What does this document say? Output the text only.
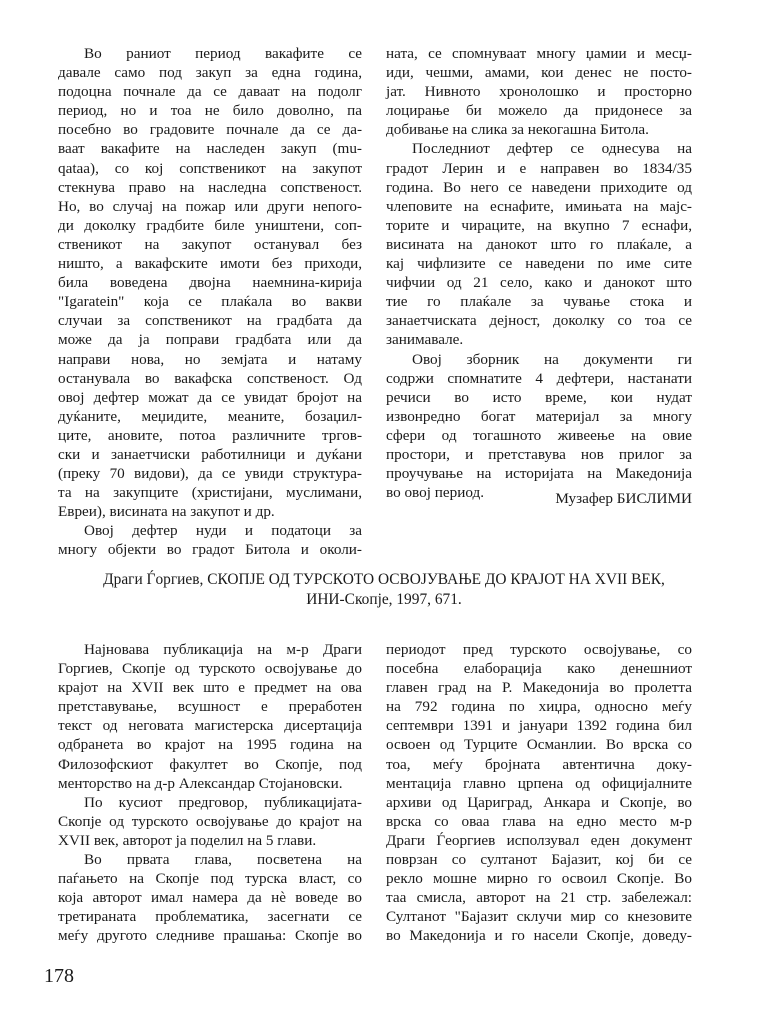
Во раниот период вакафите се
давале само под закуп за една година,
подоцна почнале да се даваат на подолг
период, но и тоа не било доволно, па
посебно во градовите почнале да се да-
ваат вакафите на наследен закуп (mu-
qataa), со кој сопственикот на закупот
стекнува право на наследна сопственост.
Но, во случај на пожар или други непого-
ди доколку градбите биле уништени, соп-
ственикот на закупот останувал без
ништо, а вакафските имоти без приходи,
била воведена двојна наемнина-кирија
"Igaratein" која се плаќала во вакви
случаи за сопственикот на градбата да
може да ја поправи градбата или да
направи нова, но земјата и натаму
останувала во вакафска сопственост. Од
овој дефтер можат да се увидат бројот на
дуќаните, меџидите, меаните, бозаџил-
ците, ановите, потоа различните тргов-
ски и занаетчиски работилници и дуќани
(преку 70 видови), да се увиди структура-
та на закупците (христијани, муслимани,
Евреи), висината на закупот и др.
Овој дефтер нуди и податоци за
многу објекти во градот Битола и околи-
ната, се спомнуваат многу џамии и месџ-
иди, чешми, амами, кои денес не посто-
јат. Нивното хронолошко и просторно
лоцирање би можело да придонесе за
добивање на слика за некогашна Битола.
Последниот дефтер се однесува на
градот Лерин и е направен во 1834/35
година. Во него се наведени приходите од
члеповите на еснафите, имињата на мајс-
торите и чираците, на вкупно 7 еснафи,
висината на данокот што го плаќале, а
кај чифлизите се наведени по име сите
чифчии од 21 село, како и данокот што
тие го плаќале за чување стока и
занаетчиската дејност, доколку со тоа се
занимавале.
Овој зборник на документи ги
содржи спомнатите 4 дефтери, настанати
речиси во исто време, кои нудат
извонредно богат материјал за многу
сфери од тогашното живеење на овие
простори, и претставува нов прилог за
проучување на историјата на Македонија
во овој период.	Музафер БИСЛИМИ
Драги Ѓоргиев, СКОПЈЕ ОД ТУРСКОТО ОСВОЈУВАЊЕ ДО КРАЈОТ НА XVII ВЕК,
ИНИ-Скопје, 1997, 671.
Најновава публикација на м-р Драги
Горгиев, Скопје од турското освојување до
крајот на XVII век што е предмет на ова
претставување, всушност е преработен
текст од неговата магистерска дисертација
одбранета во крајот на 1995 година на
Филозофскиот факултет во Скопје, под
менторство на д-р Александар Стојановски.
По кусиот предговор, публикацијата-
Скопје од турското освојување до крајот на
XVII век, авторот ја поделил на 5 глави.
Во првата глава, посветена на
паѓањето на Скопје под турска власт, со
која авторот имал намера да нѐ воведе во
третираната проблематика, засегнати се
меѓу другото следниве прашања: Скопје во
периодот пред турското освојување, со
посебна елаборација како денешниот
главен град на Р. Македонија во пролетта
на 792 година по хиџра, односно меѓу
септември 1391 и јануари 1392 година бил
освоен од Турците Османлии. Во врска со
тоа, меѓу бројната автентична доку-
ментација главно црпена од официјалните
архиви од Цариград, Анкара и Скопје, во
врска со оваа глава на едно место м-р
Драги Ѓеоргиев исползувал еден документ
поврзан со султанот Бајазит, кој би се
рекло мошне мирно го освоил Скопје. Во
таа смисла, авторот на 21 стр. забележал:
Султанот "Бајазит склучи мир со кнезовите
во Македонија и го насели Скопје, доведу-
178
